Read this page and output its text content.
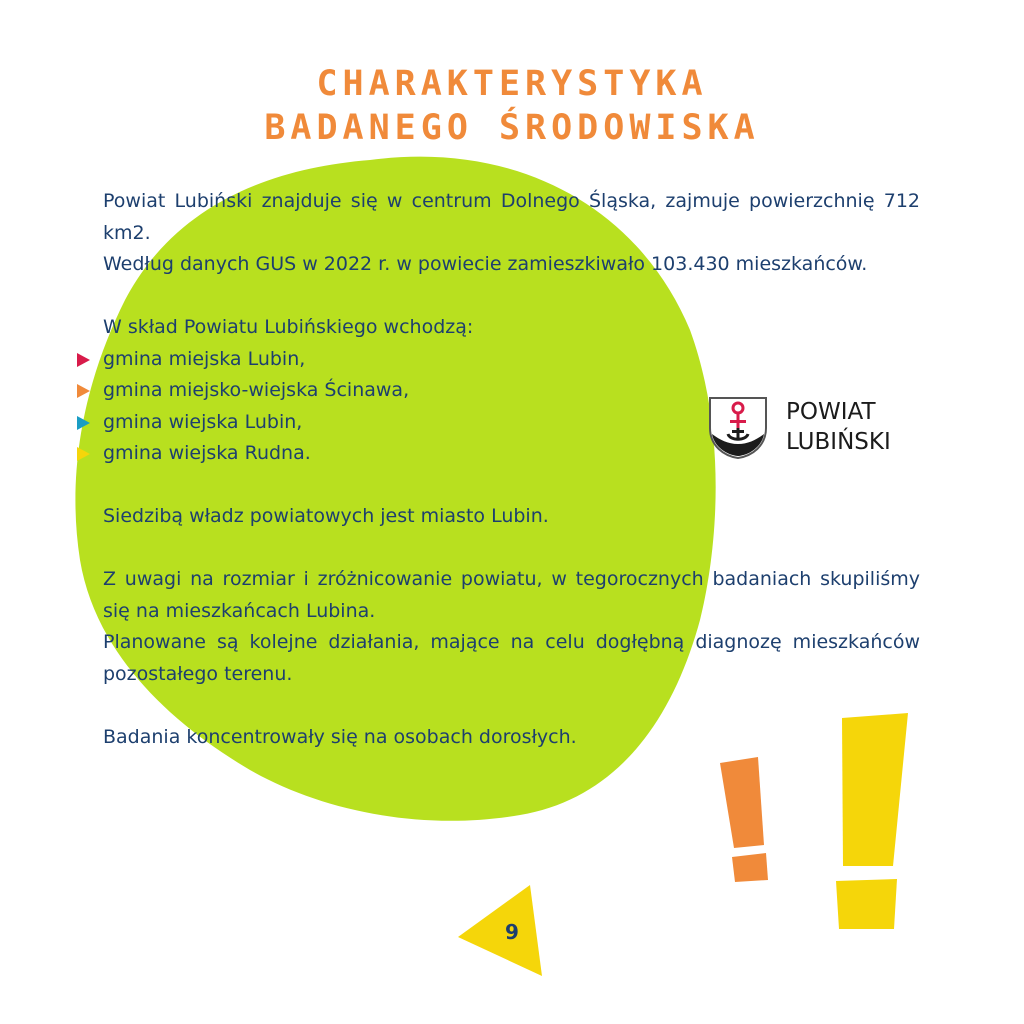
CHARAKTERYSTYKA
BADANEGO ŚRODOWISKA

Powiat Lubiński znajduje się w centrum Dolnego Śląska, zajmuje powierzchnię 712 km2.

Według danych GUS w 2022 r. w powiecie zamieszkiwało 103.430 mieszkańców.

W skład Powiatu Lubińskiego wchodzą:

gmina miejska Lubin,
gmina miejsko-wiejska Ścinawa,
gmina wiejska Lubin,
gmina wiejska Rudna.

Siedzibą władz powiatowych jest miasto Lubin.

Z uwagi na rozmiar i zróżnicowanie powiatu, w tegorocznych badaniach skupiliśmy się na mieszkańcach Lubina.

Planowane są kolejne działania, mające na celu dogłębną diagnozę mieszkańców pozostałego terenu.

Badania koncentrowały się na osobach dorosłych.

POWIAT
LUBIŃSKI
9
